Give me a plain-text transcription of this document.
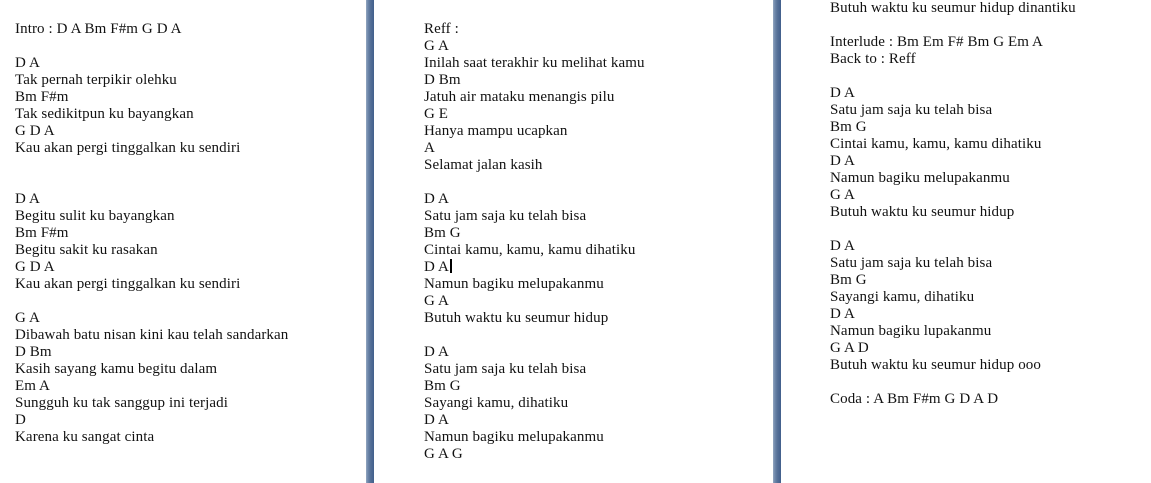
Intro : D A Bm F#m G D A
D A
Tak pernah terpikir olehku
Bm F#m
Tak sedikitpun ku bayangkan
G D A
Kau akan pergi tinggalkan ku sendiri
D A
Begitu sulit ku bayangkan
Bm F#m
Begitu sakit ku rasakan
G D A
Kau akan pergi tinggalkan ku sendiri
G A
Dibawah batu nisan kini kau telah sandarkan
D Bm
Kasih sayang kamu begitu dalam
Em A
Sungguh ku tak sanggup ini terjadi
D
Karena ku sangat cinta
Reff :
G A
Inilah saat terakhir ku melihat kamu
D Bm
Jatuh air mataku menangis pilu
G E
Hanya mampu ucapkan
A
Selamat jalan kasih
D A
Satu jam saja ku telah bisa
Bm G
Cintai kamu, kamu, kamu dihatiku
D A
Namun bagiku melupakanmu
G A
Butuh waktu ku seumur hidup
D A
Satu jam saja ku telah bisa
Bm G
Sayangi kamu, dihatiku
D A
Namun bagiku melupakanmu
G A G
Butuh waktu ku seumur hidup dinantiku
Interlude : Bm Em F# Bm G Em A
Back to : Reff
D A
Satu jam saja ku telah bisa
Bm G
Cintai kamu, kamu, kamu dihatiku
D A
Namun bagiku melupakanmu
G A
Butuh waktu ku seumur hidup
D A
Satu jam saja ku telah bisa
Bm G
Sayangi kamu, dihatiku
D A
Namun bagiku lupakanmu
G A D
Butuh waktu ku seumur hidup ooo
Coda : A Bm F#m G D A D
